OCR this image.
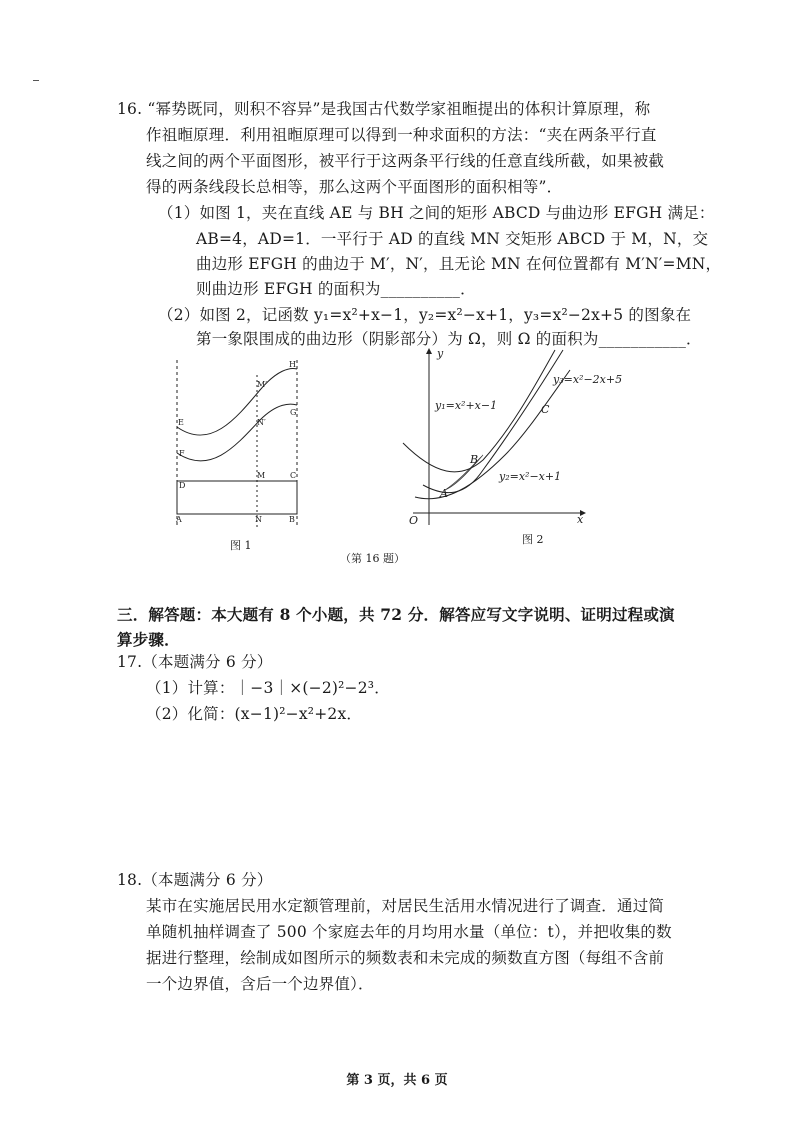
16. “幂势既同，则积不容异”是我国古代数学家祖暅提出的体积计算原理，称
作祖暅原理．利用祖暅原理可以得到一种求面积的方法：“夹在两条平行直
线之间的两个平面图形，被平行于这两条平行线的任意直线所截，如果被截
得的两条线段长总相等，那么这两个平面图形的面积相等”．
（1）如图 1，夹在直线 AE 与 BH 之间的矩形 ABCD 与曲边形 EFGH 满足：
AB=4，AD=1．一平行于 AD 的直线 MN 交矩形 ABCD 于 M，N，交
曲边形 EFGH 的曲边于 M′，N′，且无论 MN 在何位置都有 M′N′=MN，
则曲边形 EFGH 的面积为__________．
（2）如图 2，记函数 y₁=x²+x−1，y₂=x²−x+1，y₃=x²−2x+5 的图象在
第一象限围成的曲边形（阴影部分）为 Ω，则 Ω 的面积为___________．
H
M′
G
E	N′
F
M	C
D
A	N	B
图 1
y
y₃=x²−2x+5
y₁=x²+x−1	C
B
y₂=x²−x+1
A
O	x
图 2
（第 16 题）
三．解答题：本大题有 8 个小题，共 72 分．解答应写文字说明、证明过程或演
算步骤．
17.（本题满分 6 分）
（1）计算：｜−3｜×(−2)²−2³．
（2）化简：(x−1)²−x²+2x．
18.（本题满分 6 分）
某市在实施居民用水定额管理前，对居民生活用水情况进行了调查．通过简
单随机抽样调查了 500 个家庭去年的月均用水量（单位：t），并把收集的数
据进行整理，绘制成如图所示的频数表和未完成的频数直方图（每组不含前
一个边界值，含后一个边界值）．
第 3 页，共 6 页
